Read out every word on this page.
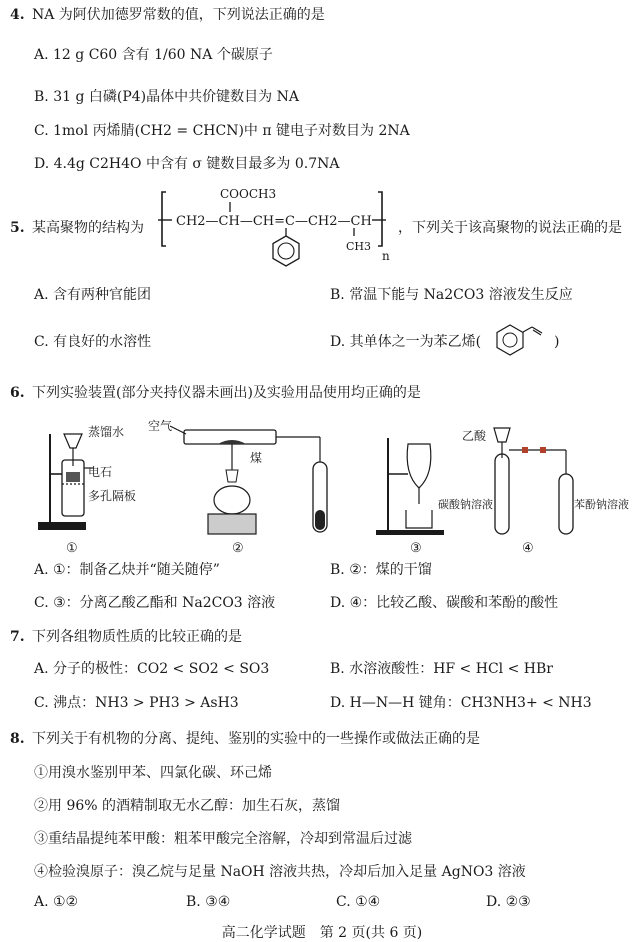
4. NA 为阿伏加德罗常数的值，下列说法正确的是
A. 12 g C60 含有 1/60 NA 个碳原子
B. 31 g 白磷(P4)晶体中共价键数目为 NA
C. 1mol 丙烯腈(CH2 = CHCN)中 π 键电子对数目为 2NA
D. 4.4g C2H4O 中含有 σ 键数目最多为 0.7NA
5. 某高聚物的结构为
COOCH3
CH2—CH—CH=C—CH2—CH
CH3
n
，下列关于该高聚物的说法正确的是
A. 含有两种官能团	B. 常温下能与 Na2CO3 溶液发生反应
C. 有良好的水溶性	D. 其单体之一为苯乙烯(	)
6. 下列实验装置(部分夹持仪器未画出)及实验用品使用均正确的是
蒸馏水
电石
多孔隔板
①
空气
煤
②	③
乙酸
碳酸钠溶液	苯酚钠溶液
④
A. ①：制备乙炔并“随关随停”	B. ②：煤的干馏
C. ③：分离乙酸乙酯和 Na2CO3 溶液	D. ④：比较乙酸、碳酸和苯酚的酸性
7. 下列各组物质性质的比较正确的是
A. 分子的极性：CO2 < SO2 < SO3	B. 水溶液酸性：HF < HCl < HBr
C. 沸点：NH3 > PH3 > AsH3	D. H—N—H 键角：CH3NH3+ < NH3
8. 下列关于有机物的分离、提纯、鉴别的实验中的一些操作或做法正确的是
①用溴水鉴别甲苯、四氯化碳、环己烯
②用 96% 的酒精制取无水乙醇：加生石灰，蒸馏
③重结晶提纯苯甲酸：粗苯甲酸完全溶解，冷却到常温后过滤
④检验溴原子：溴乙烷与足量 NaOH 溶液共热，冷却后加入足量 AgNO3 溶液
A. ①②	B. ③④	C. ①④	D. ②③
高二化学试题　第 2 页(共 6 页)
